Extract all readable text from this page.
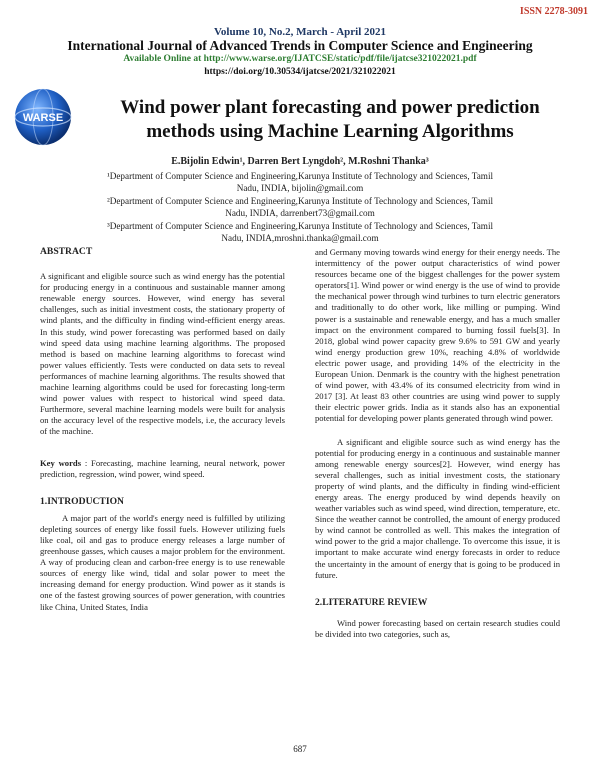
ISSN 2278-3091
Volume 10, No.2, March - April 2021
International Journal of Advanced Trends in Computer Science and Engineering
Available Online at http://www.warse.org/IJATCSE/static/pdf/file/ijatcse321022021.pdf
https://doi.org/10.30534/ijatcse/2021/321022021
WARSE	Wind power plant forecasting and power prediction
methods using Machine Learning Algorithms
E.Bijolin Edwin¹, Darren Bert Lyngdoh², M.Roshni Thanka³
¹Department of Computer Science and Engineering,Karunya Institute of Technology and Sciences, Tamil Nadu, INDIA, bijolin@gmail.com
²Department of Computer Science and Engineering,Karunya Institute of Technology and Sciences, Tamil Nadu, INDIA, darrenbert73@gmail.com
³Department of Computer Science and Engineering,Karunya Institute of Technology and Sciences, Tamil Nadu, INDIA,mroshni.thanka@gmail.com

ABSTRACT

A significant and eligible source such as wind energy has the potential for producing energy in a continuous and sustainable manner among renewable energy sources. However, wind energy has several challenges, such as initial investment costs, the stationary property of wind plants, and the difficulty in finding wind-efficient energy areas. In this study, wind power forecasting was performed based on daily wind speed data using machine learning algorithms. The proposed method is based on machine learning algorithms to forecast wind power values efficiently. Tests were conducted on data sets to reveal performances of machine learning algorithms. The results showed that machine learning algorithms could be used for forecasting long-term wind power values with respect to historical wind speed data. Furthermore, several machine learning models were built for analysis on the accuracy level of the respective models, i.e, the accuracy levels of the machine.

Key words : Forecasting, machine learning, neural network, power prediction, regression, wind power, wind speed.

1.INTRODUCTION

A major part of the world's energy need is fulfilled by utilizing depleting sources of energy like fossil fuels. However utilizing fuels like coal, oil and gas to produce energy releases a large number of greenhouse gasses, which causes a major problem for the environment. A way of producing clean and carbon-free energy is to use renewable sources of energy like wind, tidal and solar power to meet the increasing demand for energy production. Wind power as it stands is one of the fastest growing sources of power generation, with countries like China, United States, India

and Germany moving towards wind energy for their energy needs. The intermittency of the power output characteristics of wind power resources became one of the biggest challenges for the power system operators[1]. Wind power or wind energy is the use of wind to provide the mechanical power through wind turbines to turn electric generators and traditionally to do other work, like milling or pumping. Wind power is a sustainable and renewable energy, and has a much smaller impact on the environment compared to burning fossil fuels[3]. In 2018, global wind power capacity grew 9.6% to 591 GW and yearly wind energy production grew 10%, reaching 4.8% of worldwide electric power usage, and providing 14% of the electricity in the European Union. Denmark is the country with the highest penetration of wind power, with 43.4% of its consumed electricity from wind in 2017 [3]. At least 83 other countries are using wind power to supply their electric power grids. India as it stands also has an exponential potential for developing power plants generated through wind power.

A significant and eligible source such as wind energy has the potential for producing energy in a continuous and sustainable manner among renewable energy sources[2]. However, wind energy has several challenges, such as initial investment costs, the stationary property of wind plants, and the difficulty in finding wind-efficient energy areas. The energy produced by wind depends heavily on weather variables such as wind speed, wind direction, temperature, etc. Since the weather cannot be controlled, the amount of energy produced by wind cannot be controlled as well. This makes the integration of wind power to the grid a major challenge. To overcome this issue, it is important to make accurate wind energy forecasts in order to reduce the uncertainty in the amount of energy that is going to be produced in future.

2.LITERATURE REVIEW

Wind power forecasting based on certain research studies could be divided into two categories, such as,

687
